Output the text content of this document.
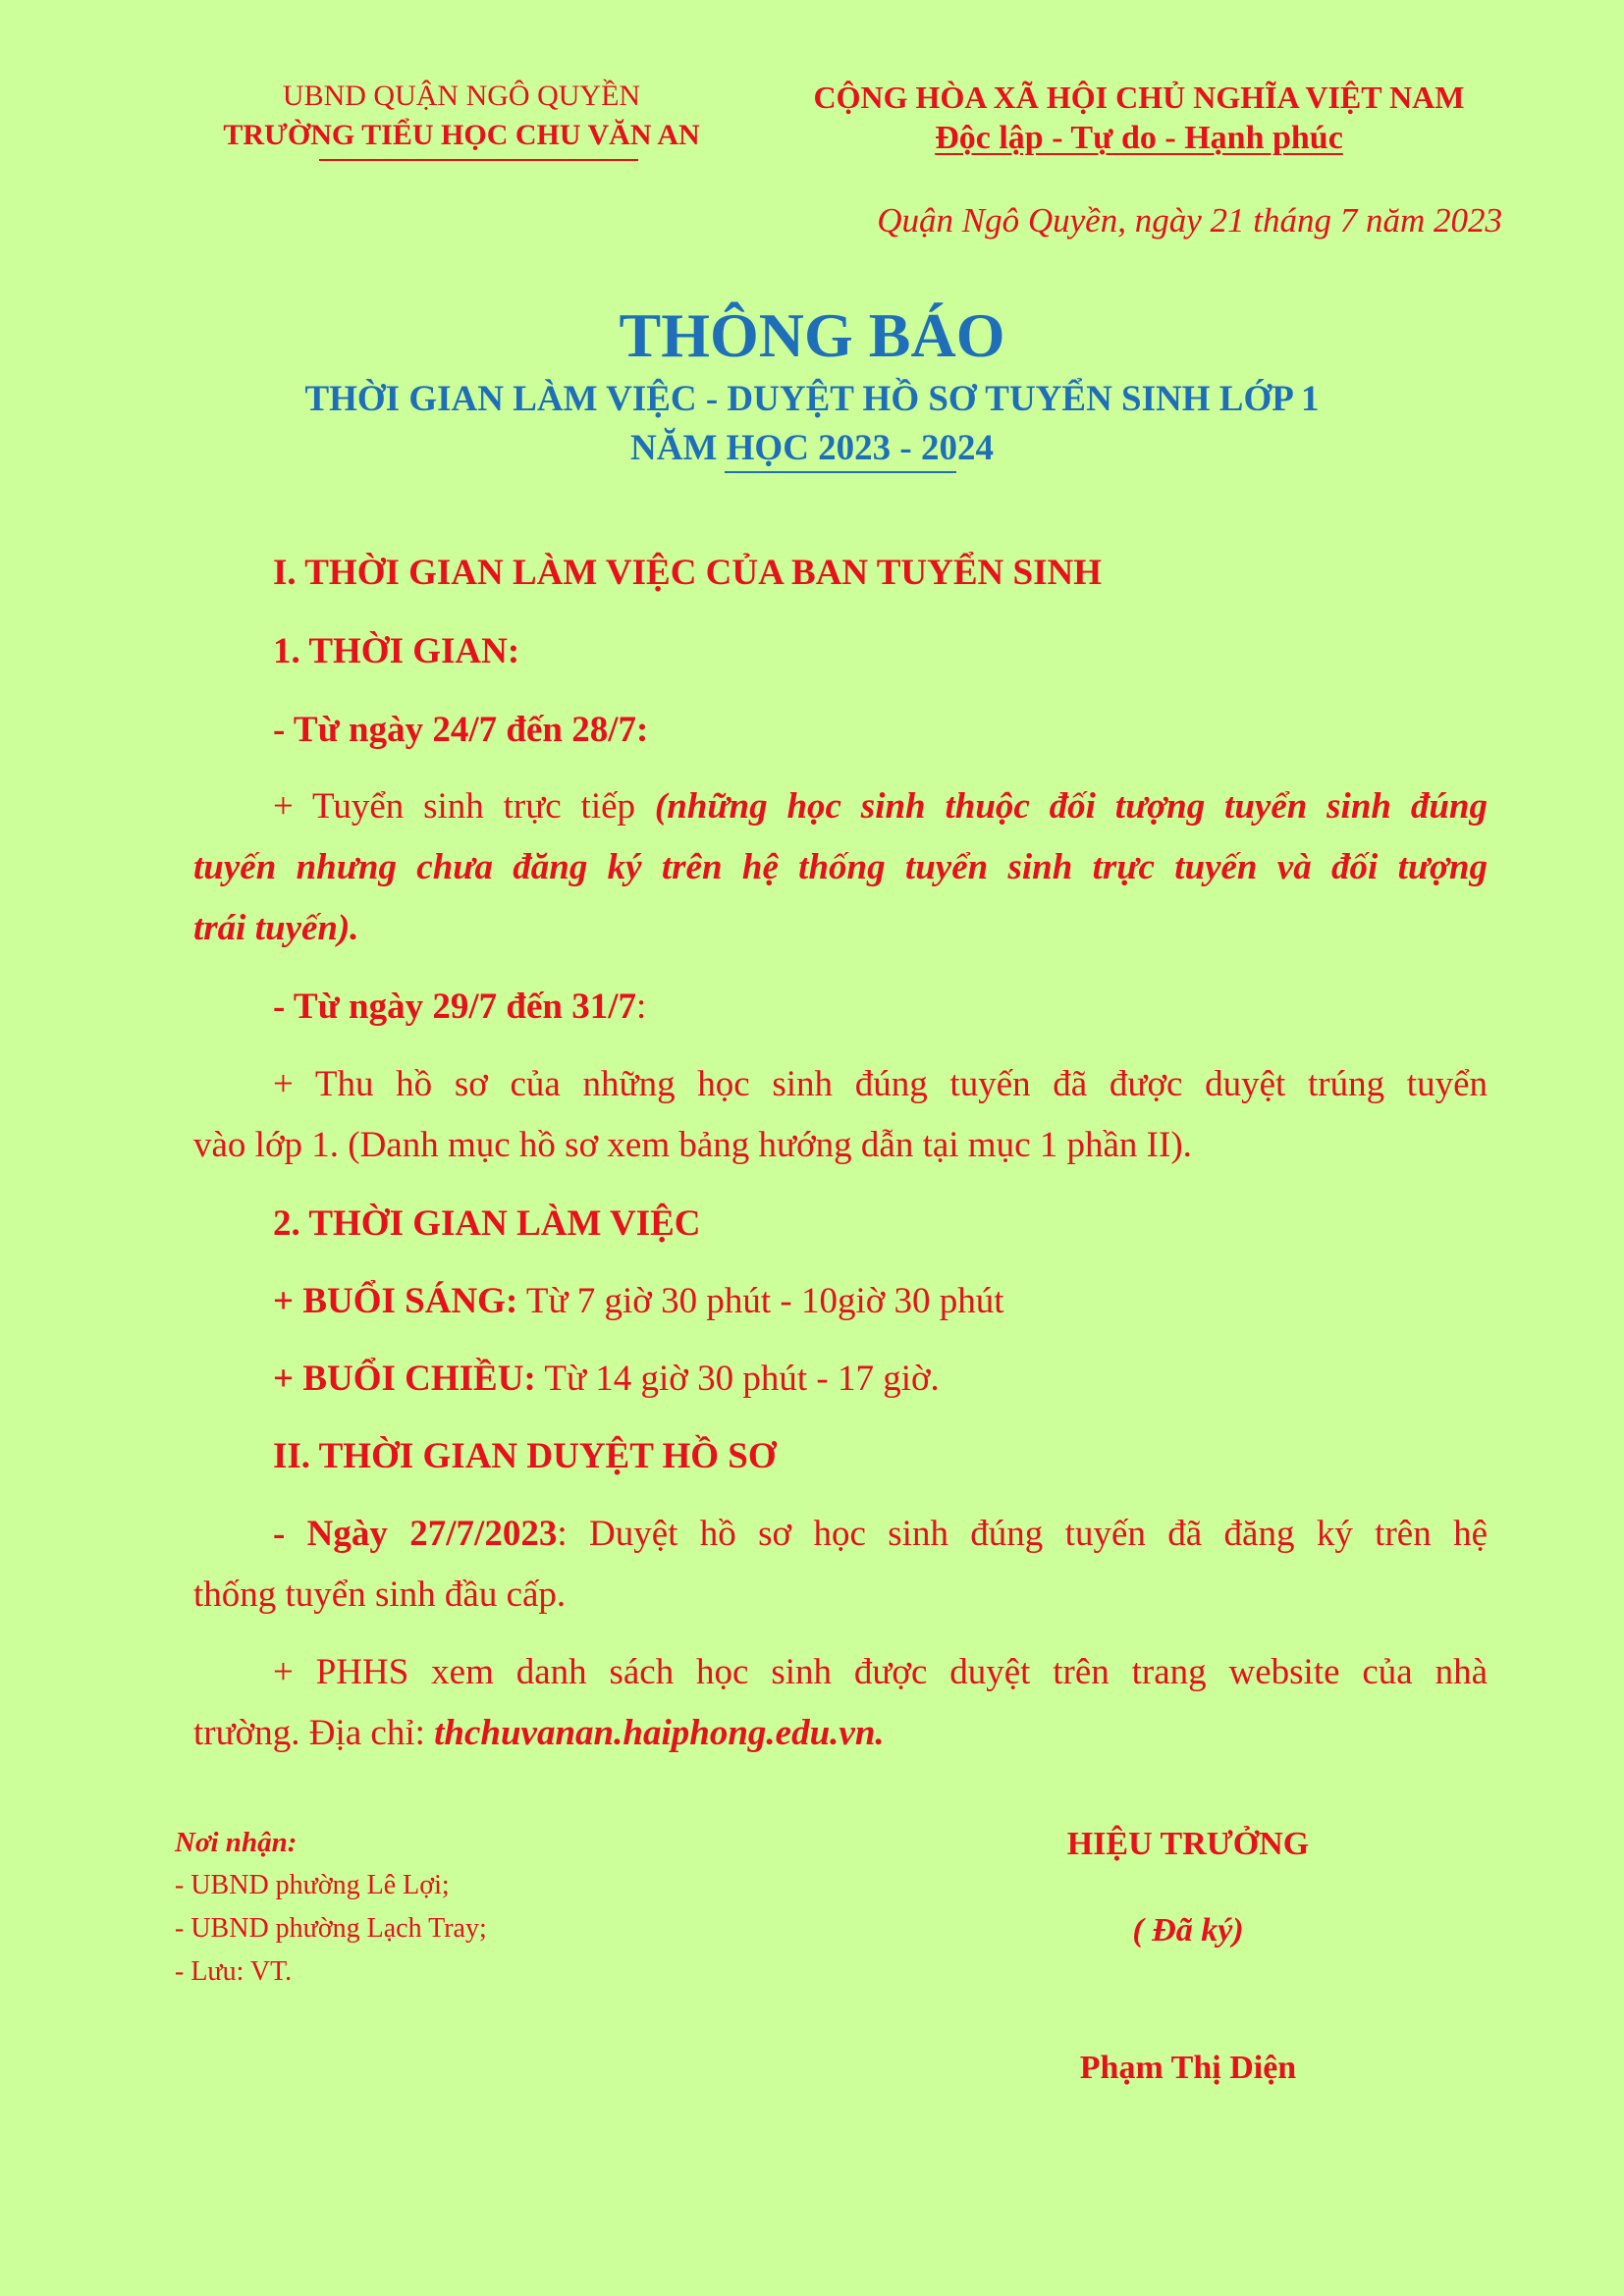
UBND QUẬN NGÔ QUYỀN
TRƯỜNG TIỂU HỌC CHU VĂN AN
CỘNG HÒA XÃ HỘI CHỦ NGHĨA VIỆT NAM
Độc lập - Tự do - Hạnh phúc
Quận Ngô Quyền, ngày 21 tháng 7 năm 2023
THÔNG BÁO
THỜI GIAN LÀM VIỆC - DUYỆT HỒ SƠ TUYỂN SINH LỚP 1
NĂM HỌC 2023 - 2024
I. THỜI GIAN LÀM VIỆC CỦA BAN TUYỂN SINH
1. THỜI GIAN:
- Từ ngày 24/7 đến 28/7:
+ Tuyển sinh trực tiếp (những học sinh thuộc đối tượng tuyển sinh đúng
tuyến nhưng chưa đăng ký trên hệ thống tuyển sinh trực tuyến và đối tượng
trái tuyến).
- Từ ngày 29/7 đến 31/7:
+ Thu hồ sơ của những học sinh đúng tuyến đã được duyệt trúng tuyển
vào lớp 1. (Danh mục hồ sơ xem bảng hướng dẫn tại mục 1 phần II).
2. THỜI GIAN LÀM VIỆC
+ BUỔI SÁNG: Từ 7 giờ 30 phút - 10giờ 30 phút
+ BUỔI CHIỀU: Từ 14 giờ 30 phút - 17 giờ.
II. THỜI GIAN DUYỆT HỒ SƠ
- Ngày 27/7/2023: Duyệt hồ sơ học sinh đúng tuyến đã đăng ký trên hệ
thống tuyển sinh đầu cấp.
+ PHHS xem danh sách học sinh được duyệt trên trang website của nhà
trường. Địa chỉ: thchuvanan.haiphong.edu.vn.
Nơi nhận:
- UBND phường Lê Lợi;
- UBND phường Lạch Tray;
- Lưu: VT.
HIỆU TRƯỞNG
( Đã ký)
Phạm Thị Diện
